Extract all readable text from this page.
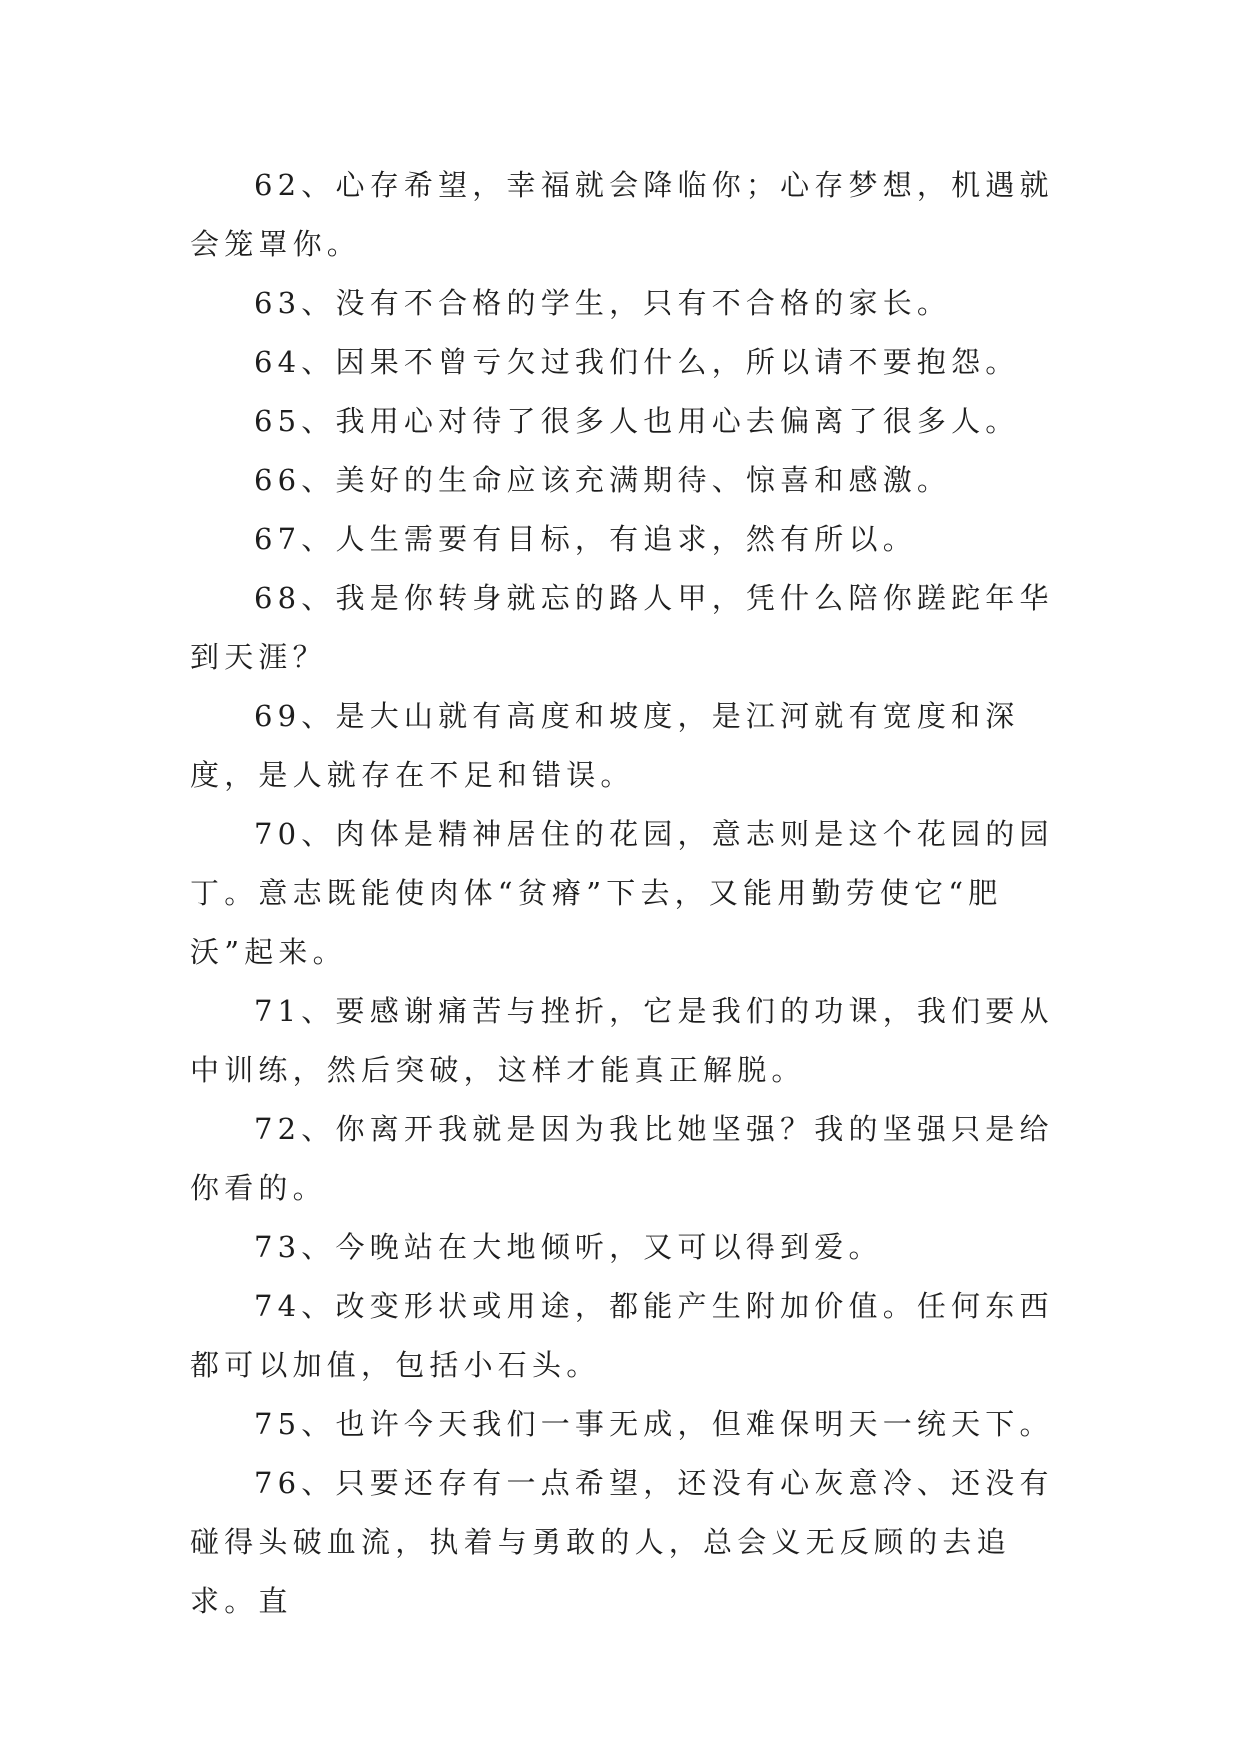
62、心存希望，幸福就会降临你；心存梦想，机遇就会笼罩你。

63、没有不合格的学生，只有不合格的家长。

64、因果不曾亏欠过我们什么，所以请不要抱怨。

65、我用心对待了很多人也用心去偏离了很多人。

66、美好的生命应该充满期待、惊喜和感激。

67、人生需要有目标，有追求，然有所以。

68、我是你转身就忘的路人甲，凭什么陪你蹉跎年华到天涯？

69、是大山就有高度和坡度，是江河就有宽度和深度，是人就存在不足和错误。

70、肉体是精神居住的花园，意志则是这个花园的园丁。意志既能使肉体“贫瘠”下去，又能用勤劳使它“肥沃”起来。

71、要感谢痛苦与挫折，它是我们的功课，我们要从中训练，然后突破，这样才能真正解脱。

72、你离开我就是因为我比她坚强？我的坚强只是给你看的。

73、今晚站在大地倾听，又可以得到爱。

74、改变形状或用途，都能产生附加价值。任何东西都可以加值，包括小石头。

75、也许今天我们一事无成，但难保明天一统天下。

76、只要还存有一点希望，还没有心灰意冷、还没有碰得头破血流，执着与勇敢的人，总会义无反顾的去追求。直
